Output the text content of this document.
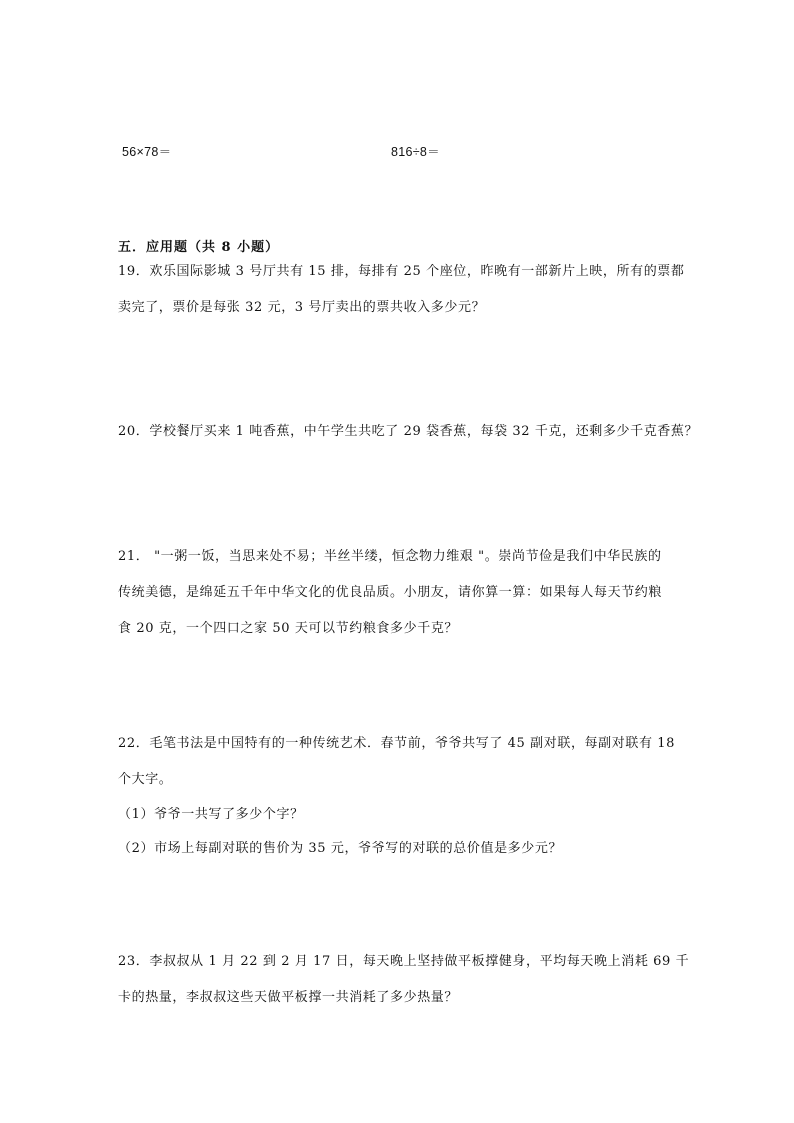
56×78＝	816÷8＝
五．应用题（共 8 小题）

19．欢乐国际影城 3 号厅共有 15 排，每排有 25 个座位，昨晚有一部新片上映，所有的票都

卖完了，票价是每张 32 元，3 号厅卖出的票共收入多少元？

20．学校餐厅买来 1 吨香蕉，中午学生共吃了 29 袋香蕉，每袋 32 千克，还剩多少千克香蕉？

21． "一粥一饭，当思来处不易；半丝半缕，恒念物力维艰 "。崇尚节俭是我们中华民族的

传统美德，是绵延五千年中华文化的优良品质。小朋友，请你算一算：如果每人每天节约粮

食 20 克，一个四口之家 50 天可以节约粮食多少千克？

22．毛笔书法是中国特有的一种传统艺术．春节前，爷爷共写了 45 副对联，每副对联有 18

个大字。

（1）爷爷一共写了多少个字？

（2）市场上每副对联的售价为 35 元，爷爷写的对联的总价值是多少元？

23．李叔叔从 1 月 22 到 2 月 17 日，每天晚上坚持做平板撑健身，平均每天晚上消耗 69 千

卡的热量，李叔叔这些天做平板撑一共消耗了多少热量？
